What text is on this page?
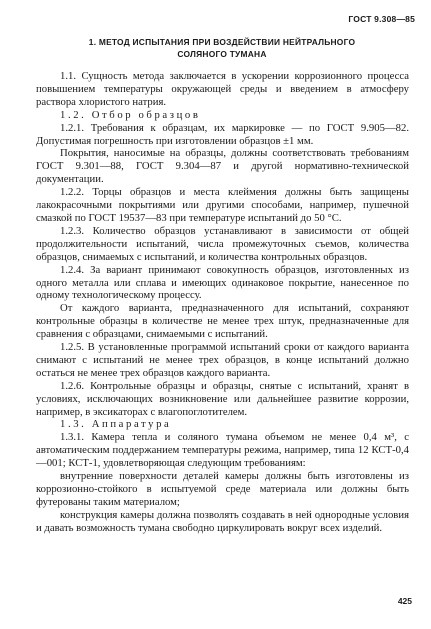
ГОСТ 9.308—85
1. МЕТОД ИСПЫТАНИЯ ПРИ ВОЗДЕЙСТВИИ НЕЙТРАЛЬНОГО
СОЛЯНОГО ТУМАНА

1.1. Сущность метода заключается в ускорении коррозионного процесса повышением температуры окружающей среды и введением в атмосферу раствора хлористого натрия.

1.2. Отбор образцов

1.2.1. Требования к образцам, их маркировке — по ГОСТ 9.905—82. Допустимая погрешность при изготовлении образцов ±1 мм.

Покрытия, наносимые на образцы, должны соответствовать требованиям ГОСТ 9.301—88, ГОСТ 9.304—87 и другой нормативно-технической документации.

1.2.2. Торцы образцов и места клеймения должны быть защищены лакокрасочными покрытиями или другими способами, например, пушечной смазкой по ГОСТ 19537—83 при температуре испытаний до 50 °С.

1.2.3. Количество образцов устанавливают в зависимости от общей продолжительности испытаний, числа промежуточных съемов, количества образцов, снимаемых с испытаний, и количества контрольных образцов.

1.2.4. За вариант принимают совокупность образцов, изготовленных из одного металла или сплава и имеющих одинаковое покрытие, нанесенное по одному технологическому процессу.

От каждого варианта, предназначенного для испытаний, сохраняют контрольные образцы в количестве не менее трех штук, предназначенные для сравнения с образцами, снимаемыми с испытаний.

1.2.5. В установленные программой испытаний сроки от каждого варианта снимают с испытаний не менее трех образцов, в конце испытаний должно остаться не менее трех образцов каждого варианта.

1.2.6. Контрольные образцы и образцы, снятые с испытаний, хранят в условиях, исключающих возникновение или дальнейшее развитие коррозии, например, в эксикаторах с влагопоглотителем.

1.3. Аппаратура

1.3.1. Камера тепла и соляного тумана объемом не менее 0,4 м³, с автоматическим поддержанием температуры режима, например, типа 12 КСТ-0,4—001; КСТ-1, удовлетворяющая следующим требованиям:

внутренние поверхности деталей камеры должны быть изготовлены из коррозионно-стойкого в испытуемой среде материала или должны быть футерованы таким материалом;

конструкция камеры должна позволять создавать в ней однородные условия и давать возможность тумана свободно циркулировать вокруг всех изделий.

425
